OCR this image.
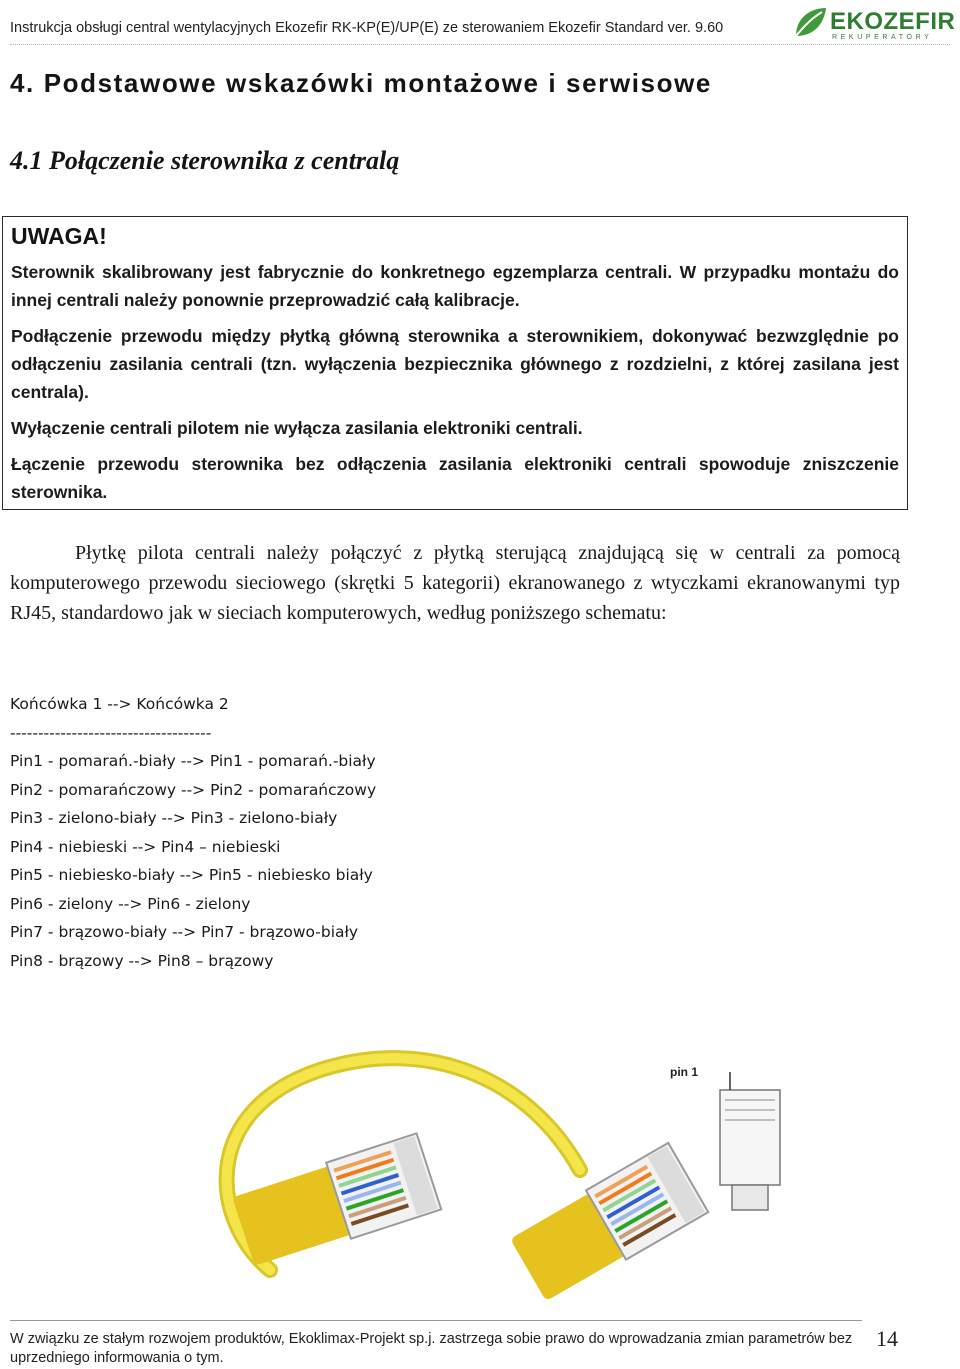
Instrukcja obsługi central wentylacyjnych Ekozefir RK-KP(E)/UP(E) ze sterowaniem Ekozefir Standard ver. 9.60	EKOZEFIR
REKUPERATORY
4. Podstawowe wskazówki montażowe i serwisowe
4.1 Połączenie sterownika z centralą
UWAGA!

Sterownik skalibrowany jest fabrycznie do konkretnego egzemplarza centrali. W przypadku montażu do innej centrali należy ponownie przeprowadzić całą kalibracje.

Podłączenie przewodu między płytką główną sterownika a sterownikiem, dokonywać bezwzględnie po odłączeniu zasilania centrali (tzn. wyłączenia bezpiecznika głównego z rozdzielni, z której zasilana jest centrala).

Wyłączenie centrali pilotem nie wyłącza zasilania elektroniki centrali.

Łączenie przewodu sterownika bez odłączenia zasilania elektroniki centrali spowoduje zniszczenie sterownika.

Płytkę pilota centrali należy połączyć z płytką sterującą znajdującą się w centrali za pomocą komputerowego przewodu sieciowego (skrętki 5 kategorii) ekranowanego z wtyczkami ekranowanymi typ RJ45, standardowo jak w sieciach komputerowych, według poniższego schematu:
Końcówka 1 --> Końcówka 2
------------------------------------
Pin1 - pomarań.-biały --> Pin1 - pomarań.-biały
Pin2 - pomarańczowy --> Pin2 - pomarańczowy
Pin3 - zielono-biały --> Pin3 - zielono-biały
Pin4 - niebieski --> Pin4 – niebieski
Pin5 - niebiesko-biały --> Pin5 - niebiesko biały
Pin6 - zielony --> Pin6 - zielony
Pin7 - brązowo-biały --> Pin7 - brązowo-biały
Pin8 - brązowy --> Pin8 – brązowy
pin 1
W związku ze stałym rozwojem produktów, Ekoklimax-Projekt sp.j. zastrzega sobie prawo do wprowadzania zmian parametrów bez uprzedniego informowania o tym.
14
